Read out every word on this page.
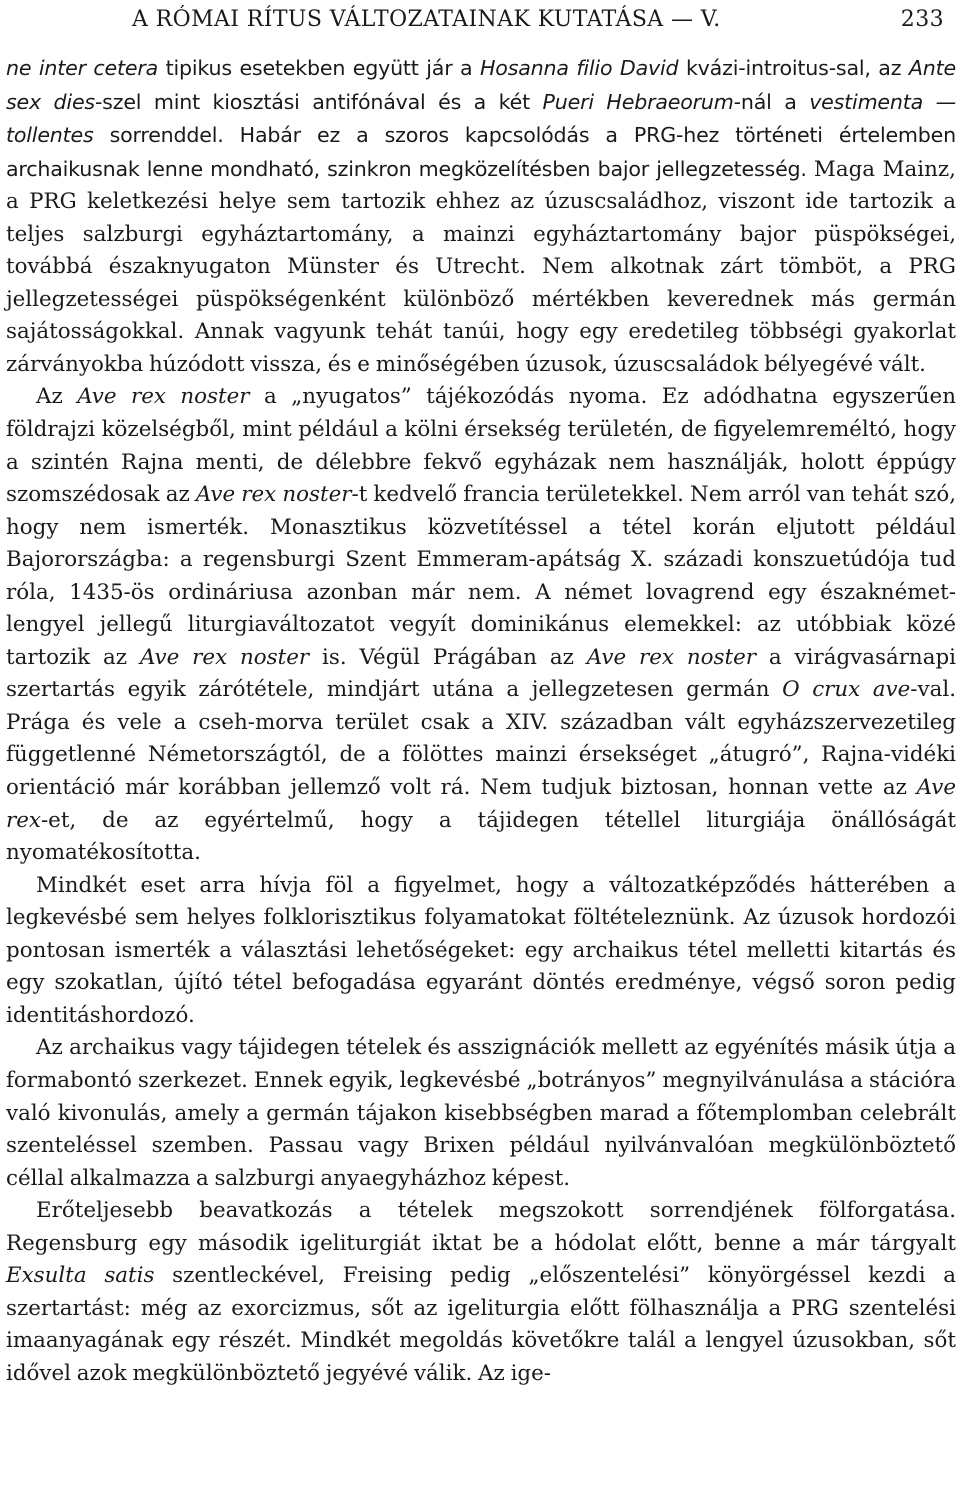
A RÓMAI RÍTUS VÁLTOZATAINAK KUTATÁSA — V.	233

ne inter cetera tipikus esetekben együtt jár a Hosanna filio David kvázi-introitus-sal, az Ante sex dies-szel mint kiosztási antifónával és a két Pueri Hebraeorum-nál a vestimenta — tollentes sorrenddel. Habár ez a szoros kapcsolódás a PRG-hez történeti értelemben archaikusnak lenne mondható, szinkron megközelítésben bajor jellegzetesség. Maga Mainz, a PRG keletkezési helye sem tartozik ehhez az úzuscsaládhoz, viszont ide tartozik a teljes salzburgi egyháztartomány, a mainzi egyháztartomány bajor püspökségei, továbbá északnyugaton Münster és Utrecht. Nem alkotnak zárt tömböt, a PRG jellegzetességei püspökségenként különböző mértékben keverednek más germán sajátosságokkal. Annak vagyunk tehát tanúi, hogy egy eredetileg többségi gyakorlat zárványokba húzódott vissza, és e minőségében úzusok, úzuscsaládok bélyegévé vált.

Az Ave rex noster a „nyugatos” tájékozódás nyoma. Ez adódhatna egyszerűen földrajzi közelségből, mint például a kölni érsekség területén, de figyelemreméltó, hogy a szintén Rajna menti, de délebbre fekvő egyházak nem használják, holott éppúgy szomszédosak az Ave rex noster-t kedvelő francia területekkel. Nem arról van tehát szó, hogy nem ismerték. Monasztikus közvetítéssel a tétel korán eljutott például Bajorországba: a regensburgi Szent Emmeram-apátság X. századi konszuetúdója tud róla, 1435-ös ordináriusa azonban már nem. A német lovagrend egy északnémet-lengyel jellegű liturgiaváltozatot vegyít dominikánus elemekkel: az utóbbiak közé tartozik az Ave rex noster is. Végül Prágában az Ave rex noster a virágvasárnapi szertartás egyik zárótétele, mindjárt utána a jellegzetesen germán O crux ave-val. Prága és vele a cseh-morva terület csak a XIV. században vált egyházszervezetileg függetlenné Németországtól, de a fölöttes mainzi érsekséget „átugró”, Rajna-vidéki orientáció már korábban jellemző volt rá. Nem tudjuk biztosan, honnan vette az Ave rex-et, de az egyértelmű, hogy a tájidegen tétellel liturgiája önállóságát nyomatékosította.

Mindkét eset arra hívja föl a figyelmet, hogy a változatképződés hátterében a legkevésbé sem helyes folklorisztikus folyamatokat föltételeznünk. Az úzusok hordozói pontosan ismerték a választási lehetőségeket: egy archaikus tétel melletti kitartás és egy szokatlan, újító tétel befogadása egyaránt döntés eredménye, végső soron pedig identitáshordozó.

Az archaikus vagy tájidegen tételek és asszignációk mellett az egyénítés másik útja a formabontó szerkezet. Ennek egyik, legkevésbé „botrányos” megnyilvánulása a stációra való kivonulás, amely a germán tájakon kisebbségben marad a főtemplomban celebrált szenteléssel szemben. Passau vagy Brixen például nyilvánvalóan megkülönböztető céllal alkalmazza a salzburgi anyaegyházhoz képest.

Erőteljesebb beavatkozás a tételek megszokott sorrendjének fölforgatása. Regensburg egy második igeliturgiát iktat be a hódolat előtt, benne a már tárgyalt Exsulta satis szentleckével, Freising pedig „előszentelési” könyörgéssel kezdi a szertartást: még az exorcizmus, sőt az igeliturgia előtt fölhasználja a PRG szentelési imaanyagának egy részét. Mindkét megoldás követőkre talál a lengyel úzusokban, sőt idővel azok megkülönböztető jegyévé válik. Az ige-
